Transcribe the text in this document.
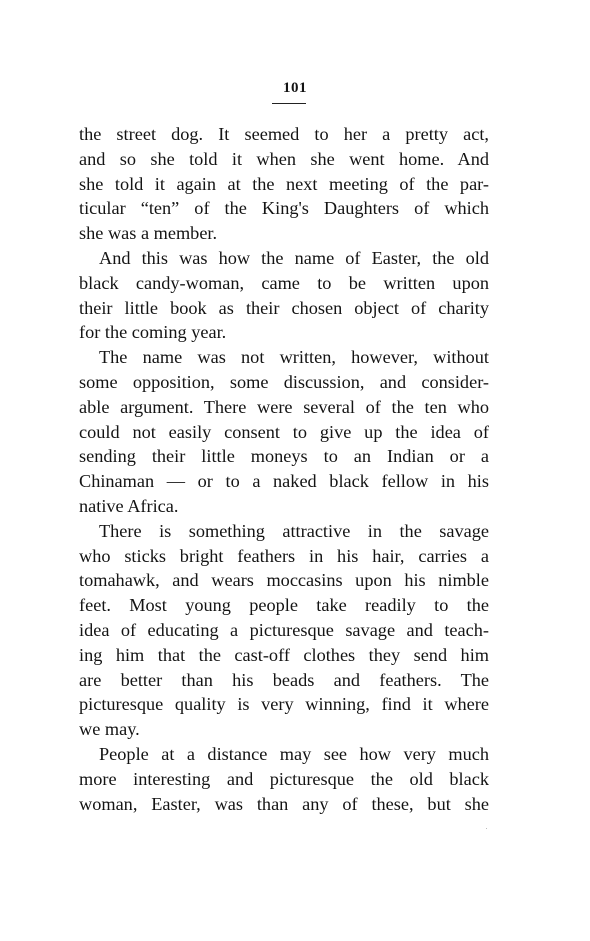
101
the street dog. It seemed to her a pretty act,
and so she told it when she went home. And
she told it again at the next meeting of the par-
ticular “ten” of the King's Daughters of which
she was a member.
And this was how the name of Easter, the old
black candy-woman, came to be written upon
their little book as their chosen object of charity
for the coming year.
The name was not written, however, without
some opposition, some discussion, and consider-
able argument. There were several of the ten who
could not easily consent to give up the idea of
sending their little moneys to an Indian or a
Chinaman — or to a naked black fellow in his
native Africa.
There is something attractive in the savage
who sticks bright feathers in his hair, carries a
tomahawk, and wears moccasins upon his nimble
feet. Most young people take readily to the
idea of educating a picturesque savage and teach-
ing him that the cast-off clothes they send him
are better than his beads and feathers. The
picturesque quality is very winning, find it where
we may.
People at a distance may see how very much
more interesting and picturesque the old black
woman, Easter, was than any of these, but she
